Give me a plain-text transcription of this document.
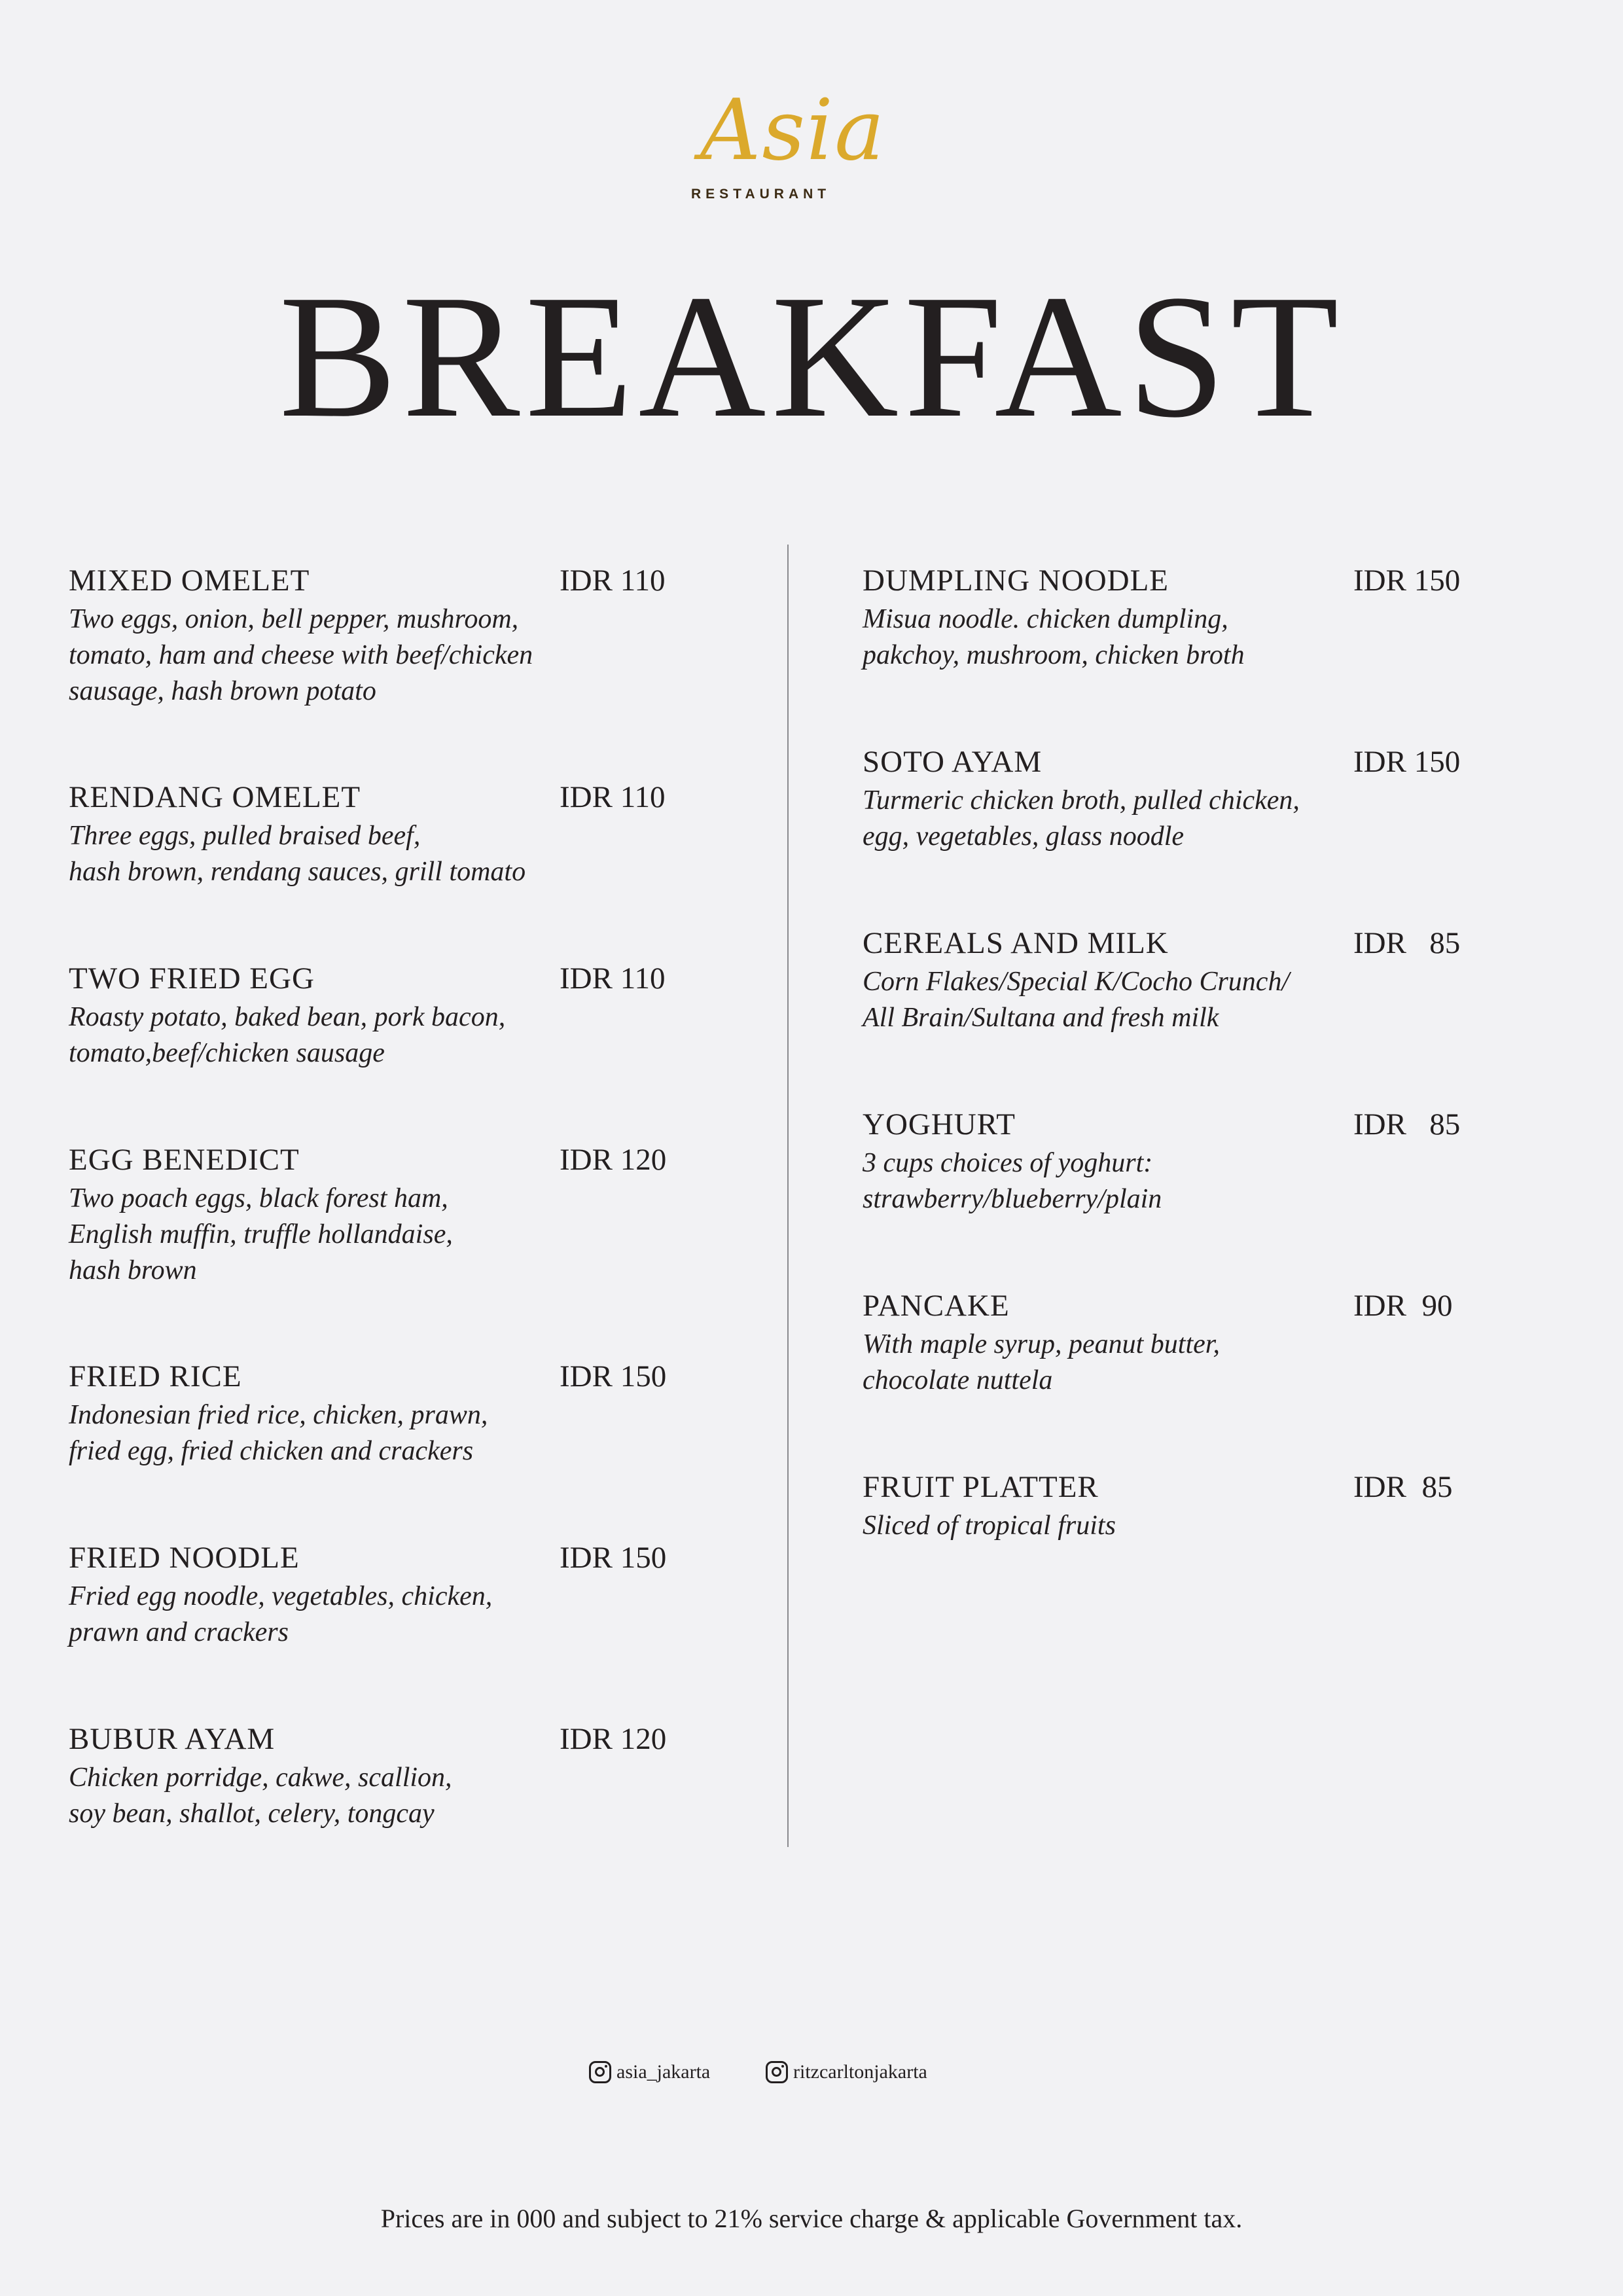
Asia
RESTAURANT
BREAKFAST
MIXED OMELET	IDR 110
Two eggs, onion, bell pepper, mushroom,
tomato, ham and cheese with beef/chicken
sausage, hash brown potato
RENDANG OMELET	IDR 110
Three eggs, pulled braised beef,
hash brown, rendang sauces, grill tomato
TWO FRIED EGG	IDR 110
Roasty potato, baked bean, pork bacon,
tomato,beef/chicken sausage
EGG BENEDICT	IDR 120
Two poach eggs, black forest ham,
English muffin, truffle hollandaise,
hash brown
FRIED RICE	IDR 150
Indonesian fried rice, chicken, prawn,
fried egg, fried chicken and crackers
FRIED NOODLE	IDR 150
Fried egg noodle, vegetables, chicken,
prawn and crackers
BUBUR AYAM	IDR 120
Chicken porridge, cakwe, scallion,
soy bean, shallot, celery, tongcay
DUMPLING NOODLE	IDR 150
Misua noodle. chicken dumpling,
pakchoy, mushroom, chicken broth
SOTO AYAM	IDR 150
Turmeric chicken broth, pulled chicken,
egg, vegetables, glass noodle
CEREALS AND MILK	IDR   85
Corn Flakes/Special K/Cocho Crunch/
All Brain/Sultana and fresh milk
YOGHURT	IDR   85
3 cups choices of yoghurt:
strawberry/blueberry/plain
PANCAKE	IDR  90
With maple syrup, peanut butter,
chocolate nuttela
FRUIT PLATTER	IDR  85
Sliced of tropical fruits
asia_jakarta	ritzcarltonjakarta
Prices are in 000 and subject to 21% service charge & applicable Government tax.
